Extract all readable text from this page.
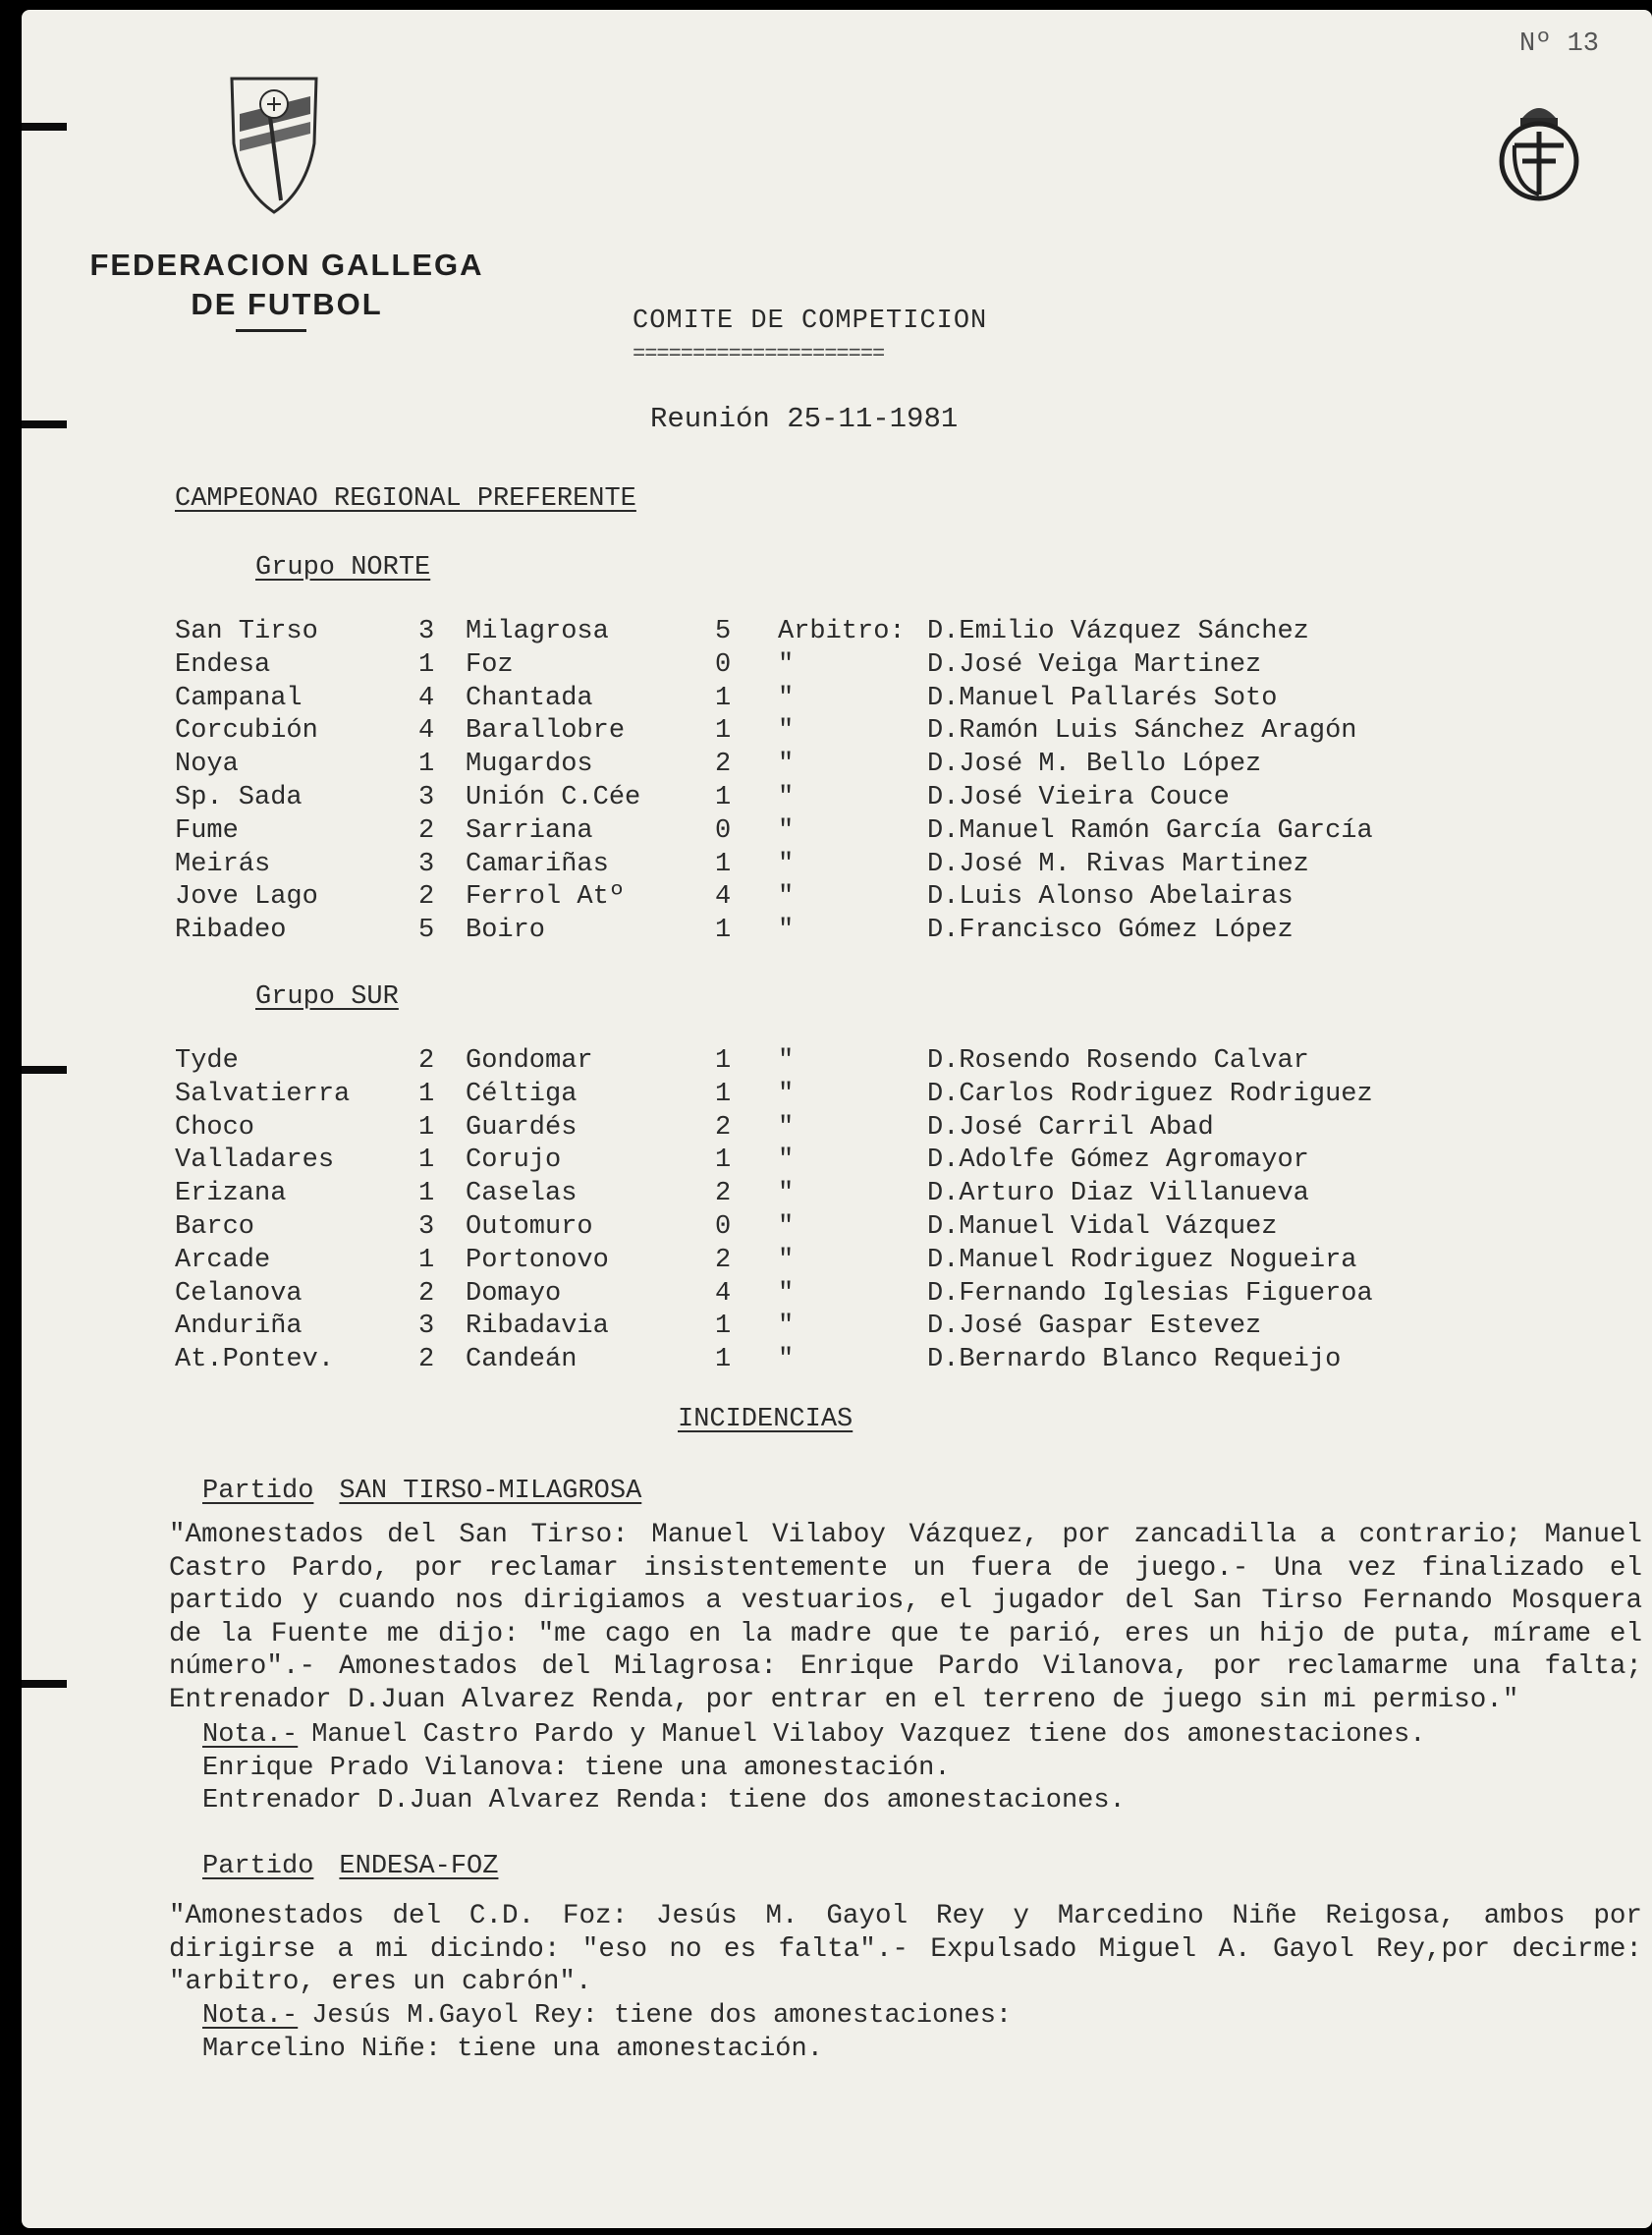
Nº 13
FEDERACION GALLEGA
DE FUTBOL	COMITE DE COMPETICION
=====================
Reunión 25-11-1981
CAMPEONAO REGIONAL PREFERENTE
Grupo NORTE
San Tirso	3 Milagrosa	5 Arbitro: D.Emilio Vázquez Sánchez
Endesa	1 Foz	0 "	D.José Veiga Martinez
Campanal	4 Chantada	1 "	D.Manuel Pallarés Soto
Corcubión	4 Barallobre	1 "	D.Ramón Luis Sánchez Aragón
Noya	1 Mugardos	2 "	D.José M. Bello López
Sp. Sada	3 Unión C.Cée	1 "	D.José Vieira Couce
Fume	2 Sarriana	0 "	D.Manuel Ramón García García
Meirás	3 Camariñas	1 "	D.José M. Rivas Martinez
Jove Lago	2 Ferrol Atº	4 "	D.Luis Alonso Abelairas
Ribadeo	5 Boiro	1 "	D.Francisco Gómez López
Grupo SUR
Tyde	2 Gondomar	1 "	D.Rosendo Rosendo Calvar
Salvatierra	1 Céltiga	1 "	D.Carlos Rodriguez Rodriguez
Choco	1 Guardés	2 "	D.José Carril Abad
Valladares	1 Corujo	1 "	D.Adolfe Gómez Agromayor
Erizana	1 Caselas	2 "	D.Arturo Diaz Villanueva
Barco	3 Outomuro	0 "	D.Manuel Vidal Vázquez
Arcade	1 Portonovo	2 "	D.Manuel Rodriguez Nogueira
Celanova	2 Domayo	4 "	D.Fernando Iglesias Figueroa
Anduriña	3 Ribadavia	1 "	D.José Gaspar Estevez
At.Pontev.	2 Candeán	1 "	D.Bernardo Blanco Requeijo
INCIDENCIAS
Partido SAN TIRSO-MILAGROSA
"Amonestados del San Tirso: Manuel Vilaboy Vázquez, por zancadilla a contrario; Manuel Castro Pardo, por reclamar insistentemente un fuera de juego.- Una vez finalizado el partido y cuando nos dirigiamos a vestuarios, el jugador del San Tirso Fernando Mosquera de la Fuente me dijo: "me cago en la madre que te parió, eres un hijo de puta, mírame el número".- Amonestados del Milagrosa: Enrique Pardo Vilanova, por reclamarme una falta; Entrenador D.Juan Alvarez Renda, por entrar en el terreno de juego sin mi permiso."
Nota.- Manuel Castro Pardo y Manuel Vilaboy Vazquez tiene dos amonestaciones.
Enrique Prado Vilanova: tiene una amonestación.
Entrenador D.Juan Alvarez Renda: tiene dos amonestaciones.
Partido ENDESA-FOZ
"Amonestados del C.D. Foz: Jesús M. Gayol Rey y Marcedino Niñe Reigosa, ambos por dirigirse a mi dicindo: "eso no es falta".- Expulsado Miguel A. Gayol Rey,por decirme: "arbitro, eres un cabrón".
Nota.- Jesús M.Gayol Rey: tiene dos amonestaciones:
Marcelino Niñe: tiene una amonestación.
